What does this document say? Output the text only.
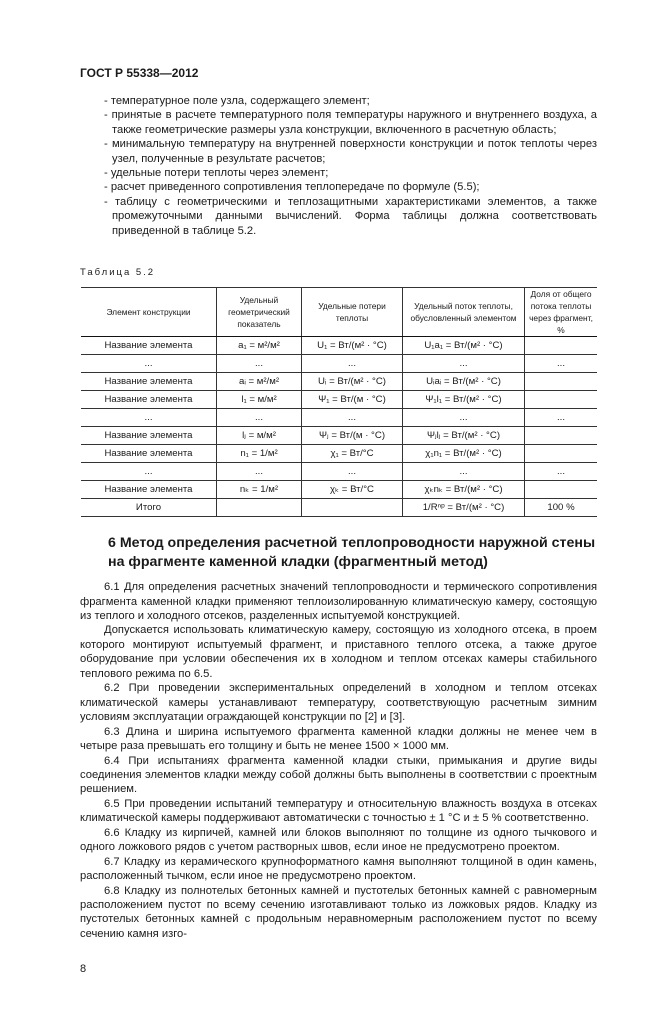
ГОСТ Р 55338—2012
- температурное поле узла, содержащего элемент;
- принятые в расчете температурного поля температуры наружного и внутреннего воздуха, а также геометрические размеры узла конструкции, включенного в расчетную область;
- минимальную температуру на внутренней поверхности конструкции и поток теплоты через узел, полученные в результате расчетов;
- удельные потери теплоты через элемент;
- расчет приведенного сопротивления теплопередаче по формуле (5.5);
- таблицу с геометрическими и теплозащитными характеристиками элементов, а также промежуточными данными вычислений. Форма таблицы должна соответствовать приведенной в таблице 5.2.
Таблица 5.2
Элемент конструкции	Удельный геометрический показатель	Удельные потери теплоты	Удельный поток теплоты, обусловленный элементом	Доля от общего потока теплоты через фрагмент, %
Название элемента	a₁ = м²/м²	U₁ = Вт/(м² · °С)	U₁a₁ = Вт/(м² · °С)	
...	...	...	...	...
Название элемента	aᵢ = м²/м²	Uᵢ = Вт/(м² · °С)	Uᵢaᵢ = Вт/(м² · °С)	
Название элемента	l₁ = м/м²	Ψ₁ = Вт/(м · °С)	Ψ₁l₁ = Вт/(м² · °С)	
...	...	...	...	...
Название элемента	lⱼ = м/м²	Ψⱼ = Вт/(м · °С)	Ψⱼlⱼ = Вт/(м² · °С)	
Название элемента	n₁ = 1/м²	χ₁ = Вт/°С	χ₁n₁ = Вт/(м² · °С)	
...	...	...	...	...
Название элемента	nₖ = 1/м²	χₖ = Вт/°С	χₖnₖ = Вт/(м² · °С)	
Итого			1/Rⁿᵖ = Вт/(м² · °С)	100 %
6 Метод определения расчетной теплопроводности наружной стены на фрагменте каменной кладки (фрагментный метод)

6.1 Для определения расчетных значений теплопроводности и термического сопротивления фрагмента каменной кладки применяют теплоизолированную климатическую камеру, состоящую из теплого и холодного отсеков, разделенных испытуемой конструкцией.

Допускается использовать климатическую камеру, состоящую из холодного отсека, в проем которого монтируют испытуемый фрагмент, и приставного теплого отсека, а также другое оборудование при условии обеспечения их в холодном и теплом отсеках камеры стабильного теплового режима по 6.5.

6.2 При проведении экспериментальных определений в холодном и теплом отсеках климатической камеры устанавливают температуру, соответствующую расчетным зимним условиям эксплуатации ограждающей конструкции по [2] и [3].

6.3 Длина и ширина испытуемого фрагмента каменной кладки должны не менее чем в четыре раза превышать его толщину и быть не менее 1500 × 1000 мм.

6.4 При испытаниях фрагмента каменной кладки стыки, примыкания и другие виды соединения элементов кладки между собой должны быть выполнены в соответствии с проектным решением.

6.5 При проведении испытаний температуру и относительную влажность воздуха в отсеках климатической камеры поддерживают автоматически с точностью ± 1 °С и ± 5 % соответственно.

6.6 Кладку из кирпичей, камней или блоков выполняют по толщине из одного тычкового и одного ложкового рядов с учетом растворных швов, если иное не предусмотрено проектом.

6.7 Кладку из керамического крупноформатного камня выполняют толщиной в один камень, расположенный тычком, если иное не предусмотрено проектом.

6.8 Кладку из полнотелых бетонных камней и пустотелых бетонных камней с равномерным расположением пустот по всему сечению изготавливают только из ложковых рядов. Кладку из пустотелых бетонных камней с продольным неравномерным расположением пустот по всему сечению камня изго-

8
